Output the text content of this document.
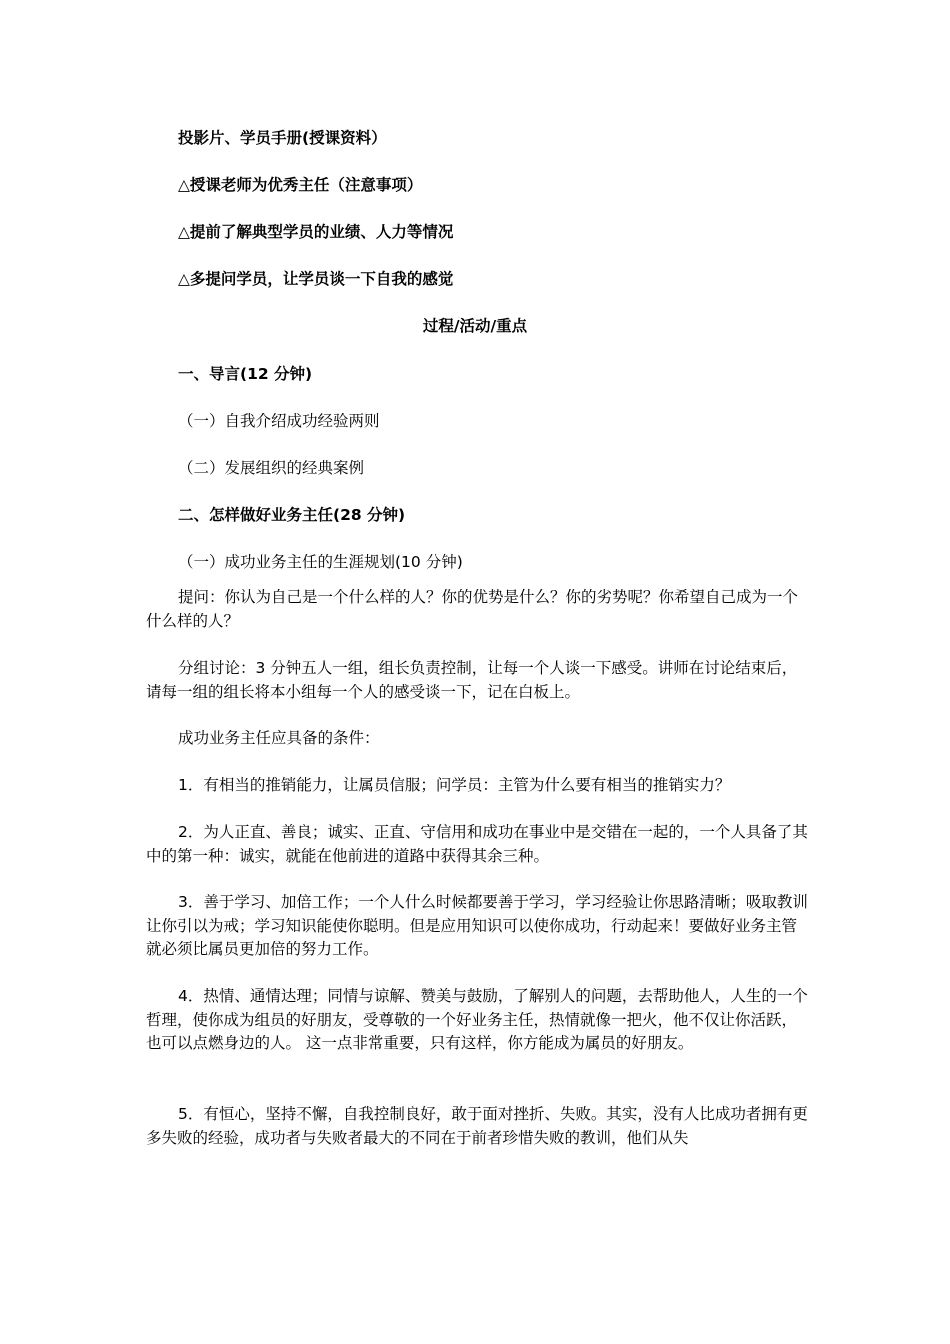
投影片、学员手册(授课资料）
△授课老师为优秀主任（注意事项）
△提前了解典型学员的业绩、人力等情况
△多提问学员，让学员谈一下自我的感觉
过程/活动/重点
一、导言(12 分钟)
（一）自我介绍成功经验两则
（二）发展组织的经典案例
二、怎样做好业务主任(28 分钟)
（一）成功业务主任的生涯规划(10 分钟)

提问：你认为自己是一个什么样的人？你的优势是什么？你的劣势呢？你希望自己成为一个什么样的人？

分组讨论：3 分钟五人一组，组长负责控制，让每一个人谈一下感受。讲师在讨论结束后，请每一组的组长将本小组每一个人的感受谈一下，记在白板上。

成功业务主任应具备的条件：

1．有相当的推销能力，让属员信服；问学员：主管为什么要有相当的推销实力？

2．为人正直、善良；诚实、正直、守信用和成功在事业中是交错在一起的，一个人具备了其中的第一种：诚实，就能在他前进的道路中获得其余三种。

3．善于学习、加倍工作；一个人什么时候都要善于学习，学习经验让你思路清晰；吸取教训让你引以为戒；学习知识能使你聪明。但是应用知识可以使你成功，行动起来！要做好业务主管就必须比属员更加倍的努力工作。

4．热情、通情达理；同情与谅解、赞美与鼓励，了解别人的问题，去帮助他人，人生的一个哲理，使你成为组员的好朋友，受尊敬的一个好业务主任，热情就像一把火，他不仅让你活跃，也可以点燃身边的人。 这一点非常重要，只有这样，你方能成为属员的好朋友。

5．有恒心，坚持不懈，自我控制良好，敢于面对挫折、失败。其实，没有人比成功者拥有更多失败的经验，成功者与失败者最大的不同在于前者珍惜失败的教训，他们从失
